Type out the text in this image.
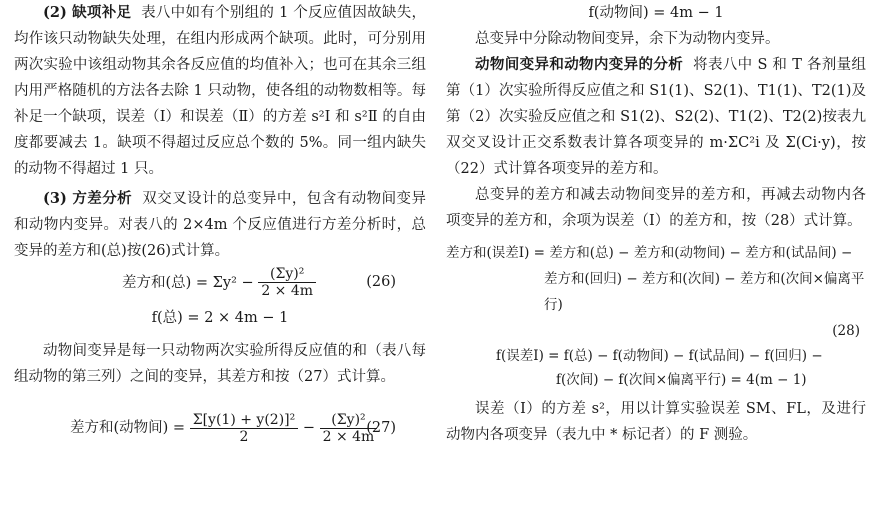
(2) 缺项补足 表八中如有个别组的 1 个反应值因故缺失，均作该只动物缺失处理，在组内形成两个缺项。此时，可分别用两次实验中该组动物其余各反应值的均值补入；也可在其余三组内用严格随机的方法各去除 1 只动物，使各组的动物数相等。每补足一个缺项，误差（Ⅰ）和误差（Ⅱ）的方差 s²Ⅰ 和 s²Ⅱ 的自由度都要减去 1。缺项不得超过反应总个数的 5%。同一组内缺失的动物不得超过 1 只。

(3) 方差分析 双交叉设计的总变异中，包含有动物间变异和动物内变异。对表八的 2×4m 个反应值进行方差分析时，总变异的差方和(总)按(26)式计算。

差方和(总) = $\Sigma y^2 - \frac{\text{(Σy)²}}{2 \times 4m}$	(26)
f(总) = 2 × 4m − 1

动物间变异是每一只动物两次实验所得反应值的和（表八每组动物的第三列）之间的变异，其差方和按（27）式计算。

差方和(动物间) = $\frac{\text{Σ[y(1) + y(2)]²}}{2} - \frac{\text{(Σy)²}}{2 \times 4m}$
(27)
f(动物间) = 4m − 1

总变异中分除动物间变异，余下为动物内变异。

动物间变异和动物内变异的分析 将表八中 S 和 T 各剂量组第（1）次实验所得反应值之和 S1(1)、S2(1)、T1(1)、T2(1)及第（2）次实验反应值之和 S1(2)、S2(2)、T1(2)、T2(2)按表九双交叉设计正交系数表计算各项变异的 m·ΣC²i 及 Σ(Ci·y)，按（22）式计算各项变异的差方和。

总变异的差方和减去动物间变异的差方和，再减去动物内各项变异的差方和，余项为误差（Ⅰ）的差方和，按（28）式计算。

差方和(误差Ⅰ) = 差方和(总) − 差方和(动物间) − 差方和(试品间) −
差方和(回归) − 差方和(次间) − 差方和(次间×偏离平行)
(28)
f(误差Ⅰ) = f(总) − f(动物间) − f(试品间) − f(回归) −
f(次间) − f(次间×偏离平行) = 4(m − 1)

误差（Ⅰ）的方差 s²，用以计算实验误差 SM、FL，及进行动物内各项变异（表九中 * 标记者）的 F 测验。
